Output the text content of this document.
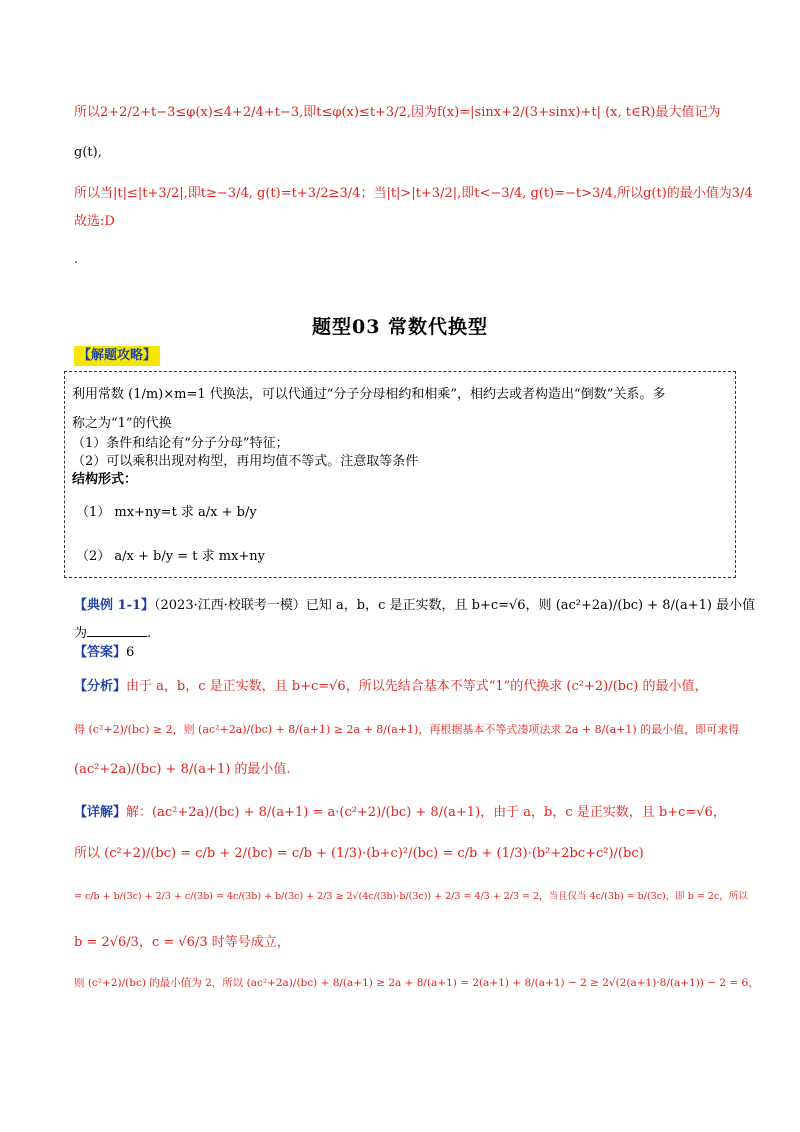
所以2+2/2+t−3≤φ(x)≤4+2/4+t−3,即t≤φ(x)≤t+3/2,因为f(x)=|sinx+2/(3+sinx)+t| (x, t∈R)最大值记为
g(t),
所以当|t|≤|t+3/2|,即t≥−3/4, g(t)=t+3/2≥3/4；当|t|>|t+3/2|,即t<−3/4, g(t)=−t>3/4,所以g(t)的最小值为3/4
故选:D
.
题型03 常数代换型
【解题攻略】
利用常数 (1/m)×m=1 代换法，可以代通过“分子分母相约和相乘”，相约去或者构造出“倒数”关系。多
称之为“1”的代换
（1）条件和结论有“分子分母”特征；
（2）可以乘积出现对构型，再用均值不等式。注意取等条件
结构形式：
（1） mx+ny=t 求 a/x + b/y
（2） a/x + b/y = t 求 mx+ny
【典例 1-1】（2023·江西·校联考一模）已知 a，b，c 是正实数，且 b+c=√6，则 (ac²+2a)/(bc) + 8/(a+1) 最小值
为	.
【答案】6
【分析】由于 a，b，c 是正实数，且 b+c=√6，所以先结合基本不等式“1”的代换求 (c²+2)/(bc) 的最小值，
得 (c²+2)/(bc) ≥ 2，则 (ac²+2a)/(bc) + 8/(a+1) ≥ 2a + 8/(a+1)，再根据基本不等式凑项法求 2a + 8/(a+1) 的最小值，即可求得
(ac²+2a)/(bc) + 8/(a+1) 的最小值.
【详解】解：(ac²+2a)/(bc) + 8/(a+1) = a·(c²+2)/(bc) + 8/(a+1)，由于 a，b，c 是正实数，且 b+c=√6，
所以 (c²+2)/(bc) = c/b + 2/(bc) = c/b + (1/3)·(b+c)²/(bc) = c/b + (1/3)·(b²+2bc+c²)/(bc)
= c/b + b/(3c) + 2/3 + c/(3b) = 4c/(3b) + b/(3c) + 2/3 ≥ 2√(4c/(3b)·b/(3c)) + 2/3 = 4/3 + 2/3 = 2，当且仅当 4c/(3b) = b/(3c)，即 b = 2c，所以
b = 2√6/3，c = √6/3 时等号成立，
则 (c²+2)/(bc) 的最小值为 2，所以 (ac²+2a)/(bc) + 8/(a+1) ≥ 2a + 8/(a+1) = 2(a+1) + 8/(a+1) − 2 ≥ 2√(2(a+1)·8/(a+1)) − 2 = 6，
